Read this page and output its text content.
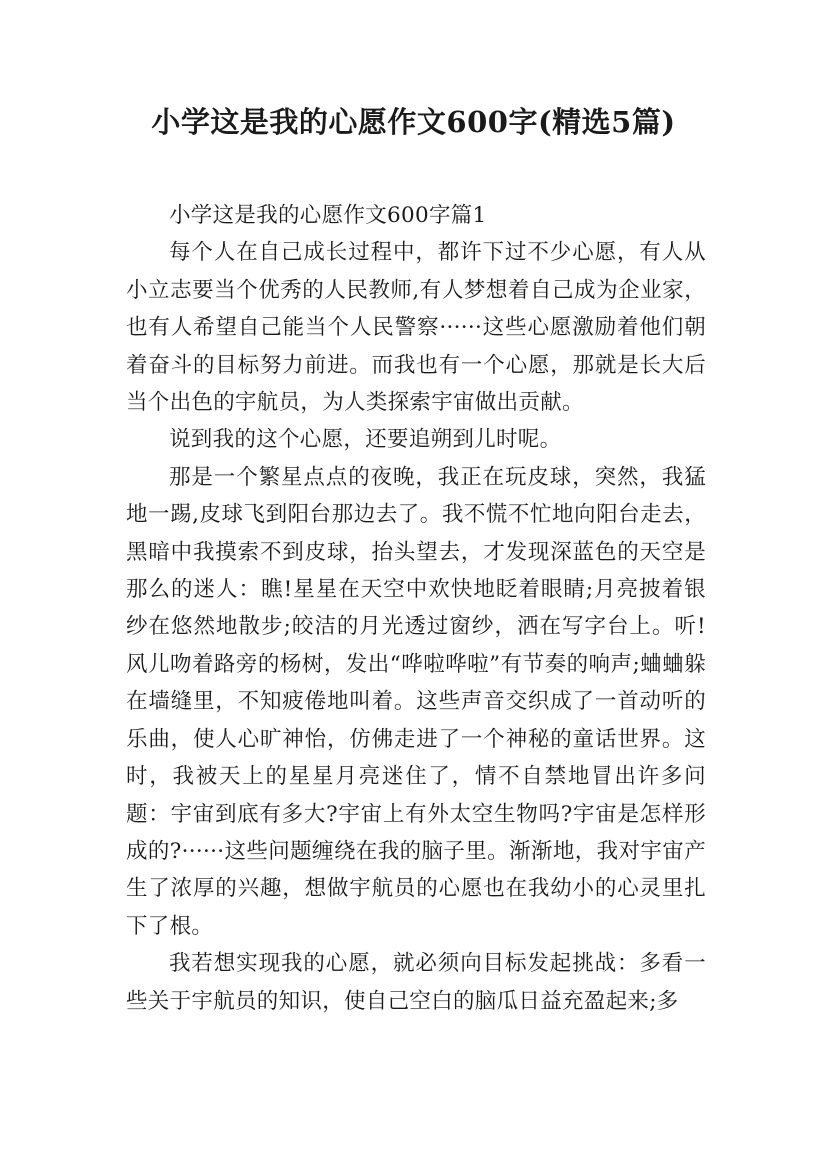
小学这是我的心愿作文600字(精选5篇)

小学这是我的心愿作文600字篇1

每个人在自己成长过程中，都许下过不少心愿，有人从小立志要当个优秀的人民教师,有人梦想着自己成为企业家，也有人希望自己能当个人民警察······这些心愿激励着他们朝着奋斗的目标努力前进。而我也有一个心愿，那就是长大后当个出色的宇航员，为人类探索宇宙做出贡献。

说到我的这个心愿，还要追朔到儿时呢。

那是一个繁星点点的夜晚，我正在玩皮球，突然，我猛地一踢,皮球飞到阳台那边去了。我不慌不忙地向阳台走去，黑暗中我摸索不到皮球，抬头望去，才发现深蓝色的天空是那么的迷人：瞧!星星在天空中欢快地眨着眼睛;月亮披着银纱在悠然地散步;皎洁的月光透过窗纱，洒在写字台上。听!风儿吻着路旁的杨树，发出“哗啦哗啦”有节奏的响声;蛐蛐躲在墙缝里，不知疲倦地叫着。这些声音交织成了一首动听的乐曲，使人心旷神怡，仿佛走进了一个神秘的童话世界。这时，我被天上的星星月亮迷住了，情不自禁地冒出许多问题：宇宙到底有多大?宇宙上有外太空生物吗?宇宙是怎样形成的?······这些问题缠绕在我的脑子里。渐渐地，我对宇宙产生了浓厚的兴趣，想做宇航员的心愿也在我幼小的心灵里扎下了根。

我若想实现我的心愿，就必须向目标发起挑战：多看一些关于宇航员的知识，使自己空白的脑瓜日益充盈起来;多
